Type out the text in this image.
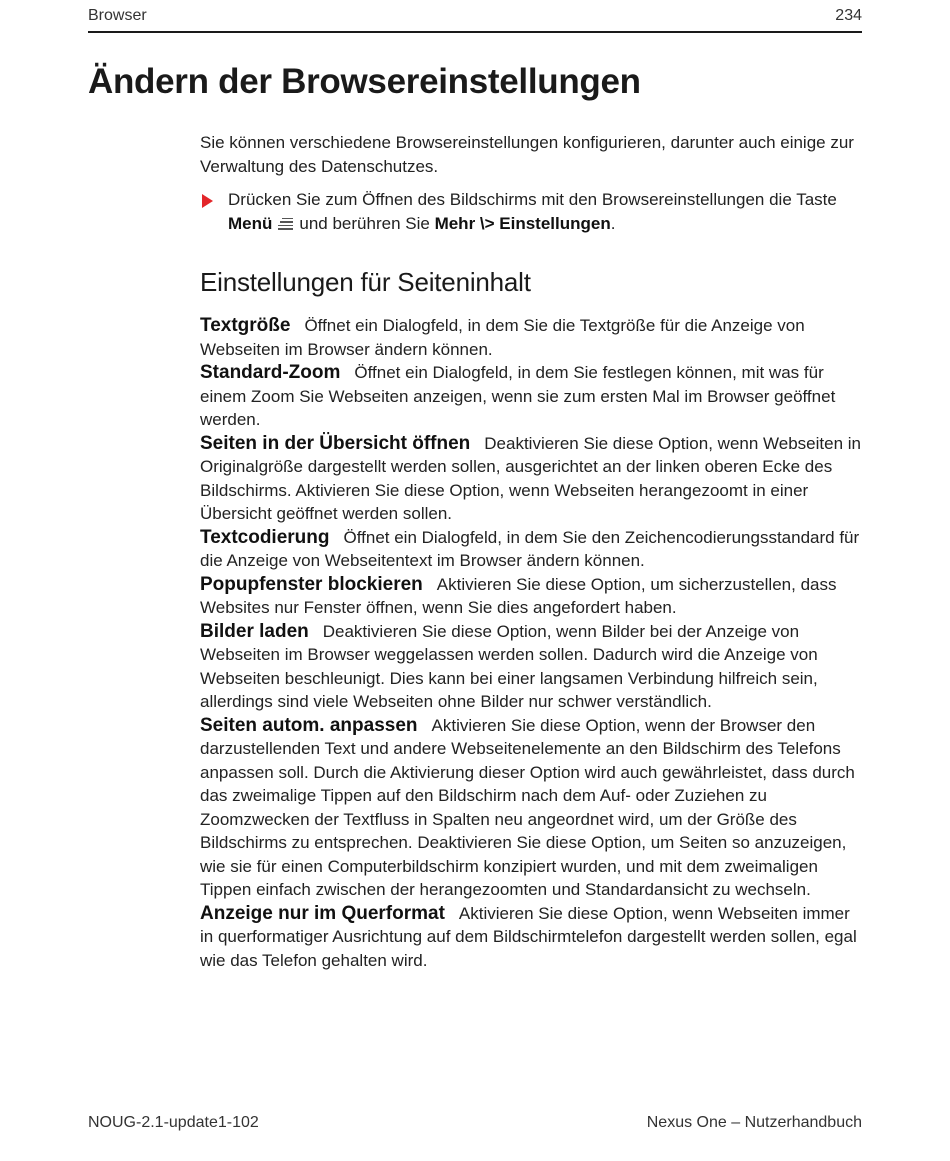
Browser	234
Ändern der Browsereinstellungen

Sie können verschiedene Browsereinstellungen konfigurieren, darunter auch einige zur Verwaltung des Datenschutzes.

Drücken Sie zum Öffnen des Bildschirms mit den Browsereinstellungen die Taste Menü und berühren Sie Mehr \> Einstellungen.
Einstellungen für Seiteninhalt

Textgröße Öffnet ein Dialogfeld, in dem Sie die Textgröße für die Anzeige von Webseiten im Browser ändern können.

Standard-Zoom Öffnet ein Dialogfeld, in dem Sie festlegen können, mit was für einem Zoom Sie Webseiten anzeigen, wenn sie zum ersten Mal im Browser geöffnet werden.

Seiten in der Übersicht öffnen Deaktivieren Sie diese Option, wenn Webseiten in Originalgröße dargestellt werden sollen, ausgerichtet an der linken oberen Ecke des Bildschirms. Aktivieren Sie diese Option, wenn Webseiten herangezoomt in einer Übersicht geöffnet werden sollen.

Textcodierung Öffnet ein Dialogfeld, in dem Sie den Zeichencodierungsstandard für die Anzeige von Webseitentext im Browser ändern können.

Popupfenster blockieren Aktivieren Sie diese Option, um sicherzustellen, dass Websites nur Fenster öffnen, wenn Sie dies angefordert haben.

Bilder laden Deaktivieren Sie diese Option, wenn Bilder bei der Anzeige von Webseiten im Browser weggelassen werden sollen. Dadurch wird die Anzeige von Webseiten beschleunigt. Dies kann bei einer langsamen Verbindung hilfreich sein, allerdings sind viele Webseiten ohne Bilder nur schwer verständlich.

Seiten autom. anpassen Aktivieren Sie diese Option, wenn der Browser den darzustellenden Text und andere Webseitenelemente an den Bildschirm des Telefons anpassen soll. Durch die Aktivierung dieser Option wird auch gewährleistet, dass durch das zweimalige Tippen auf den Bildschirm nach dem Auf- oder Zuziehen zu Zoomzwecken der Textfluss in Spalten neu angeordnet wird, um der Größe des Bildschirms zu entsprechen. Deaktivieren Sie diese Option, um Seiten so anzuzeigen, wie sie für einen Computerbildschirm konzipiert wurden, und mit dem zweimaligen Tippen einfach zwischen der herangezoomten und Standardansicht zu wechseln.

Anzeige nur im Querformat Aktivieren Sie diese Option, wenn Webseiten immer in querformatiger Ausrichtung auf dem Bildschirmtelefon dargestellt werden sollen, egal wie das Telefon gehalten wird.

NOUG-2.1-update1-102	Nexus One – Nutzerhandbuch
